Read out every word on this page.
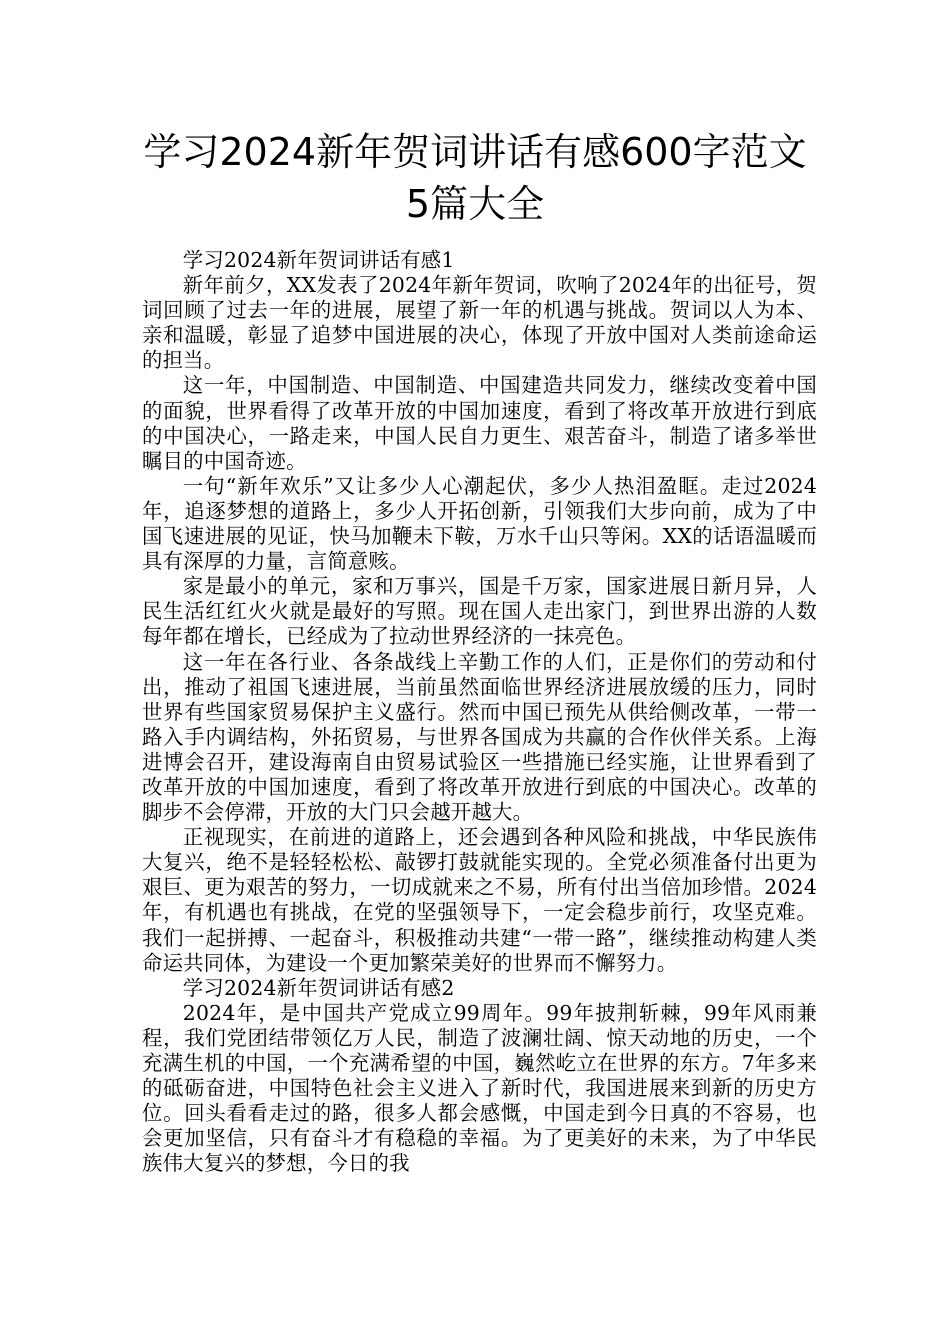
学习2024新年贺词讲话有感600字范文
5篇大全

学习2024新年贺词讲话有感1

新年前夕，XX发表了2024年新年贺词，吹响了2024年的出征号，贺词回顾了过去一年的进展，展望了新一年的机遇与挑战。贺词以人为本、亲和温暖，彰显了追梦中国进展的决心，体现了开放中国对人类前途命运的担当。

这一年，中国制造、中国制造、中国建造共同发力，继续改变着中国的面貌，世界看得了改革开放的中国加速度，看到了将改革开放进行到底的中国决心，一路走来，中国人民自力更生、艰苦奋斗，制造了诸多举世瞩目的中国奇迹。

一句“新年欢乐”又让多少人心潮起伏，多少人热泪盈眶。走过2024年，追逐梦想的道路上，多少人开拓创新，引领我们大步向前，成为了中国飞速进展的见证，快马加鞭未下鞍，万水千山只等闲。XX的话语温暖而具有深厚的力量，言简意赅。

家是最小的单元，家和万事兴，国是千万家，国家进展日新月异，人民生活红红火火就是最好的写照。现在国人走出家门，到世界出游的人数每年都在增长，已经成为了拉动世界经济的一抹亮色。

这一年在各行业、各条战线上辛勤工作的人们，正是你们的劳动和付出，推动了祖国飞速进展，当前虽然面临世界经济进展放缓的压力，同时世界有些国家贸易保护主义盛行。然而中国已预先从供给侧改革，一带一路入手内调结构，外拓贸易，与世界各国成为共赢的合作伙伴关系。上海进博会召开，建设海南自由贸易试验区一些措施已经实施，让世界看到了改革开放的中国加速度，看到了将改革开放进行到底的中国决心。改革的脚步不会停滞，开放的大门只会越开越大。

正视现实，在前进的道路上，还会遇到各种风险和挑战，中华民族伟大复兴，绝不是轻轻松松、敲锣打鼓就能实现的。全党必须准备付出更为艰巨、更为艰苦的努力，一切成就来之不易，所有付出当倍加珍惜。2024年，有机遇也有挑战，在党的坚强领导下，一定会稳步前行，攻坚克难。我们一起拼搏、一起奋斗，积极推动共建“一带一路”，继续推动构建人类命运共同体，为建设一个更加繁荣美好的世界而不懈努力。

学习2024新年贺词讲话有感2

2024年，是中国共产党成立99周年。99年披荆斩棘，99年风雨兼程，我们党团结带领亿万人民，制造了波澜壮阔、惊天动地的历史，一个充满生机的中国，一个充满希望的中国，巍然屹立在世界的东方。7年多来的砥砺奋进，中国特色社会主义进入了新时代，我国进展来到新的历史方位。回头看看走过的路，很多人都会感慨，中国走到今日真的不容易，也会更加坚信，只有奋斗才有稳稳的幸福。为了更美好的未来，为了中华民族伟大复兴的梦想，今日的我
